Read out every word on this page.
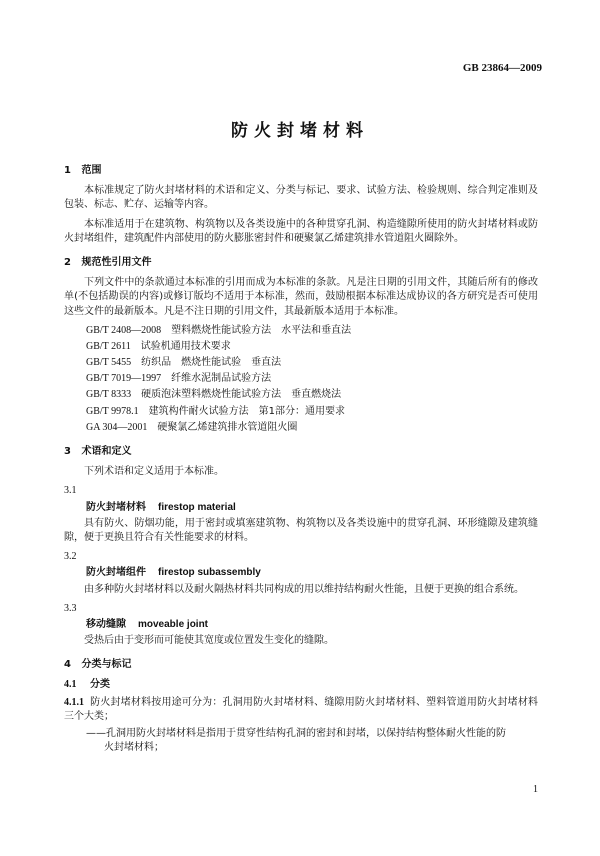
GB 23864—2009
防火封堵材料
1 范围

本标准规定了防火封堵材料的术语和定义、分类与标记、要求、试验方法、检验规则、综合判定准则及包装、标志、贮存、运输等内容。

本标准适用于在建筑物、构筑物以及各类设施中的各种贯穿孔洞、构造缝隙所使用的防火封堵材料或防火封堵组件，建筑配件内部使用的防火膨胀密封件和硬聚氯乙烯建筑排水管道阻火圈除外。

2 规范性引用文件

下列文件中的条款通过本标准的引用而成为本标准的条款。凡是注日期的引用文件，其随后所有的修改单(不包括勘误的内容)或修订版均不适用于本标准，然而，鼓励根据本标准达成协议的各方研究是否可使用这些文件的最新版本。凡是不注日期的引用文件，其最新版本适用于本标准。

GB/T 2408—2008　 塑料燃烧性能试验方法　水平法和垂直法
GB/T 2611　 试验机通用技术要求
GB/T 5455　 纺织品　燃烧性能试验　垂直法
GB/T 7019—1997　 纤维水泥制品试验方法
GB/T 8333　 硬质泡沫塑料燃烧性能试验方法　垂直燃烧法
GB/T 9978.1　 建筑构件耐火试验方法　第1部分：通用要求
GA 304—2001　 硬聚氯乙烯建筑排水管道阻火圈
3 术语和定义

下列术语和定义适用于本标准。

3.1
防火封堵材料 firestop material

具有防火、防烟功能，用于密封或填塞建筑物、构筑物以及各类设施中的贯穿孔洞、环形缝隙及建筑缝隙，便于更换且符合有关性能要求的材料。

3.2
防火封堵组件 firestop subassembly

由多种防火封堵材料以及耐火隔热材料共同构成的用以维持结构耐火性能，且便于更换的组合系统。

3.3
移动缝隙 moveable joint

受热后由于变形而可能使其宽度或位置发生变化的缝隙。

4 分类与标记
4.1 分类
4.1.1 防火封堵材料按用途可分为：孔洞用防火封堵材料、缝隙用防火封堵材料、塑料管道用防火封堵材料三个大类；
——孔洞用防火封堵材料是指用于贯穿性结构孔洞的密封和封堵，以保持结构整体耐火性能的防
火封堵材料；
1
